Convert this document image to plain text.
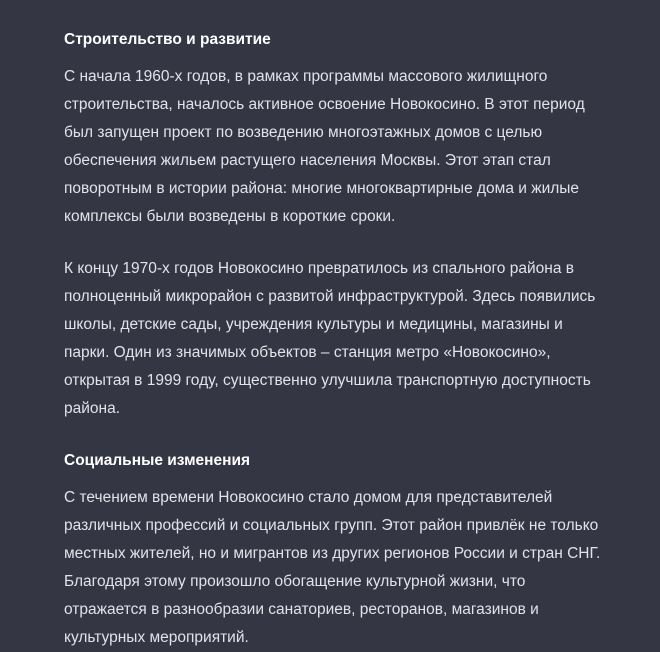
Строительство и развитие

С начала 1960-х годов, в рамках программы массового жилищного строительства, началось активное освоение Новокосино. В этот период был запущен проект по возведению многоэтажных домов с целью обеспечения жильем растущего населения Москвы. Этот этап стал поворотным в истории района: многие многоквартирные дома и жилые комплексы были возведены в короткие сроки.

К концу 1970-х годов Новокосино превратилось из спального района в полноценный микрорайон с развитой инфраструктурой. Здесь появились школы, детские сады, учреждения культуры и медицины, магазины и парки. Один из значимых объектов – станция метро «Новокосино», открытая в 1999 году, существенно улучшила транспортную доступность района.

Социальные изменения

С течением времени Новокосино стало домом для представителей различных профессий и социальных групп. Этот район привлёк не только местных жителей, но и мигрантов из других регионов России и стран СНГ. Благодаря этому произошло обогащение культурной жизни, что отражается в разнообразии санаториев, ресторанов, магазинов и культурных мероприятий.
